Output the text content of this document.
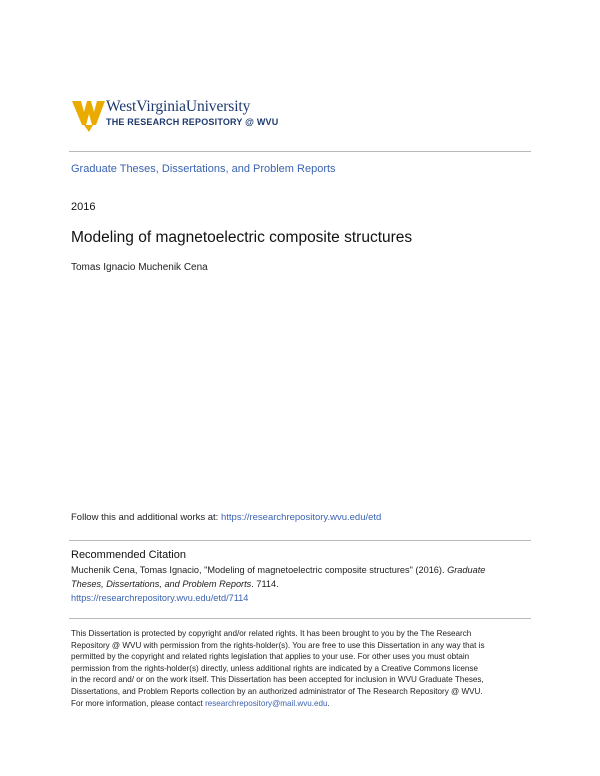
WestVirginiaUniversity
THE RESEARCH REPOSITORY @ WVU
Graduate Theses, Dissertations, and Problem Reports
2016
Modeling of magnetoelectric composite structures
Tomas Ignacio Muchenik Cena
Follow this and additional works at: https://researchrepository.wvu.edu/etd
Recommended Citation
Muchenik Cena, Tomas Ignacio, "Modeling of magnetoelectric composite structures" (2016). Graduate
Theses, Dissertations, and Problem Reports. 7114.
https://researchrepository.wvu.edu/etd/7114
This Dissertation is protected by copyright and/or related rights. It has been brought to you by the The Research
Repository @ WVU with permission from the rights-holder(s). You are free to use this Dissertation in any way that is
permitted by the copyright and related rights legislation that applies to your use. For other uses you must obtain
permission from the rights-holder(s) directly, unless additional rights are indicated by a Creative Commons license
in the record and/ or on the work itself. This Dissertation has been accepted for inclusion in WVU Graduate Theses,
Dissertations, and Problem Reports collection by an authorized administrator of The Research Repository @ WVU.
For more information, please contact researchrepository@mail.wvu.edu.
